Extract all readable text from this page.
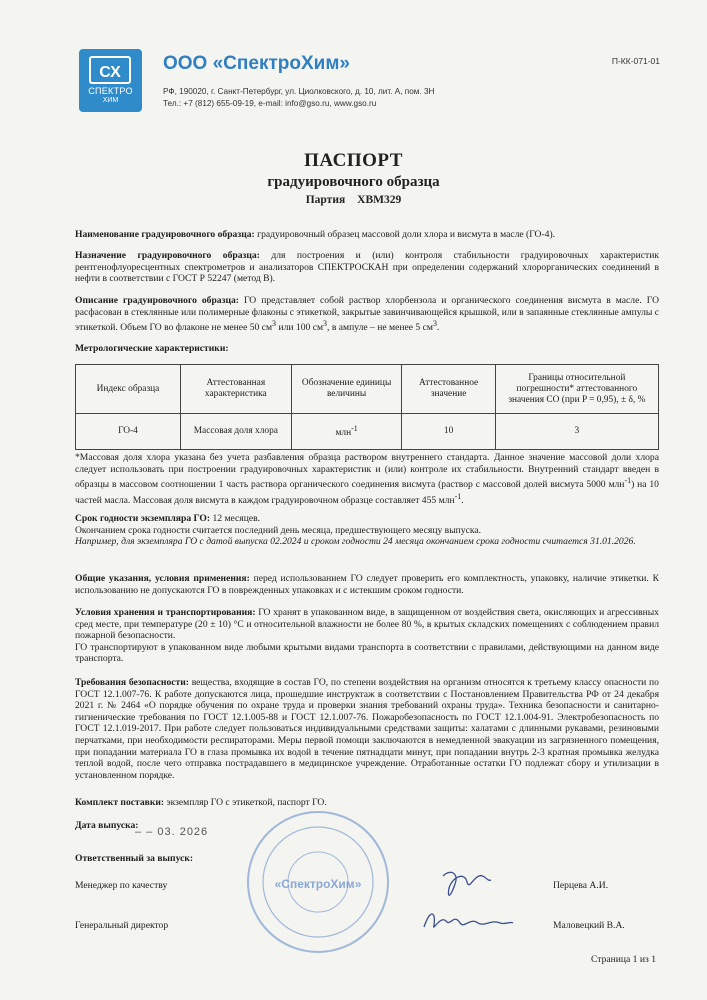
СХ
СПЕКТРО
ХИМ
ООО «СпектроХим»
РФ, 190020, г. Санкт-Петербург, ул. Циолковского, д. 10, лит. А, пом. 3Н
Тел.: +7 (812) 655-09-19, e-mail: info@gso.ru, www.gso.ru
П-КК-071-01
ПАСПОРТ
градуировочного образца
Партия XBM329
Наименование градуировочного образца: градуировочный образец массовой доли хлора и висмута в масле (ГО-4).
Назначение градуировочного образца: для построения и (или) контроля стабильности градуировочных характеристик рентгенофлуоресцентных спектрометров и анализаторов СПЕКТРОСКАН при определении содержаний хлорорганических соединений в нефти в соответствии с ГОСТ Р 52247 (метод В).
Описание градуировочного образца: ГО представляет собой раствор хлорбензола и органического соединения висмута в масле. ГО расфасован в стеклянные или полимерные флаконы с этикеткой, закрытые завинчивающейся крышкой, или в запаянные стеклянные ампулы с этикеткой. Объем ГО во флаконе не менее 50 $см^3$ или 100 $см^3$, в ампуле – не менее 5 $см^3$.
Метрологические характеристики:
Индекс образца	Аттестованная характеристика	Обозначение единицы величины	Аттестованное значение	Границы относительной погрешности* аттестованного значения СО (при P = 0,95), ± δ, %
ГО-4	Массовая доля хлора	млн$^{-1}$	10	3
*Массовая доля хлора указана без учета разбавления образца раствором внутреннего стандарта. Данное значение массовой доли хлора следует использовать при построении градуировочных характеристик и (или) контроле их стабильности. Внутренний стандарт введен в образцы в массовом соотношении 1 часть раствора органического соединения висмута (раствор с массовой долей висмута 5000 млн$^{-1}$) на 10 частей масла. Массовая доля висмута в каждом градуировочном образце составляет 455 млн$^{-1}$.
Срок годности экземпляра ГО: 12 месяцев.
Окончанием срока годности считается последний день месяца, предшествующего месяцу выпуска.
Например, для экземпляра ГО с датой выпуска 02.2024 и сроком годности 24 месяца окончанием срока годности считается 31.01.2026.
Общие указания, условия применения: перед использованием ГО следует проверить его комплектность, упаковку, наличие этикетки. К использованию не допускаются ГО в поврежденных упаковках и с истекшим сроком годности.
Условия хранения и транспортирования: ГО хранят в упакованном виде, в защищенном от воздействия света, окисляющих и агрессивных сред месте, при температуре (20 ± 10) °С и относительной влажности не более 80 %, в крытых складских помещениях с соблюдением правил пожарной безопасности.
ГО транспортируют в упакованном виде любыми крытыми видами транспорта в соответствии с правилами, действующими на данном виде транспорта.
Требования безопасности: вещества, входящие в состав ГО, по степени воздействия на организм относятся к третьему классу опасности по ГОСТ 12.1.007-76. К работе допускаются лица, прошедшие инструктаж в соответствии с Постановлением Правительства РФ от 24 декабря 2021 г. № 2464 «О порядке обучения по охране труда и проверки знания требований охраны труда». Техника безопасности и санитарно-гигиенические требования по ГОСТ 12.1.005-88 и ГОСТ 12.1.007-76. Пожаробезопасность по ГОСТ 12.1.004-91. Электробезопасность по ГОСТ 12.1.019-2017. При работе следует пользоваться индивидуальными средствами защиты: халатами с длинными рукавами, резиновыми перчатками, при необходимости респираторами. Меры первой помощи заключаются в немедленной эвакуации из загрязненного помещения, при попадании материала ГО в глаза промывка их водой в течение пятнадцати минут, при попадании внутрь 2-3 кратная промывка желудка теплой водой, после чего отправка пострадавшего в медицинское учреждение. Отработанные остатки ГО подлежат сбору и утилизации в установленном порядке.
Комплект поставки: экземпляр ГО с этикеткой, паспорт ГО.
Дата выпуска:
– – 03. 2026
Ответственный за выпуск:
Менеджер по качеству	Перцева А.И.
Генеральный директор	Маловецкий В.А.
«СпектроХим»
Страница 1 из 1
